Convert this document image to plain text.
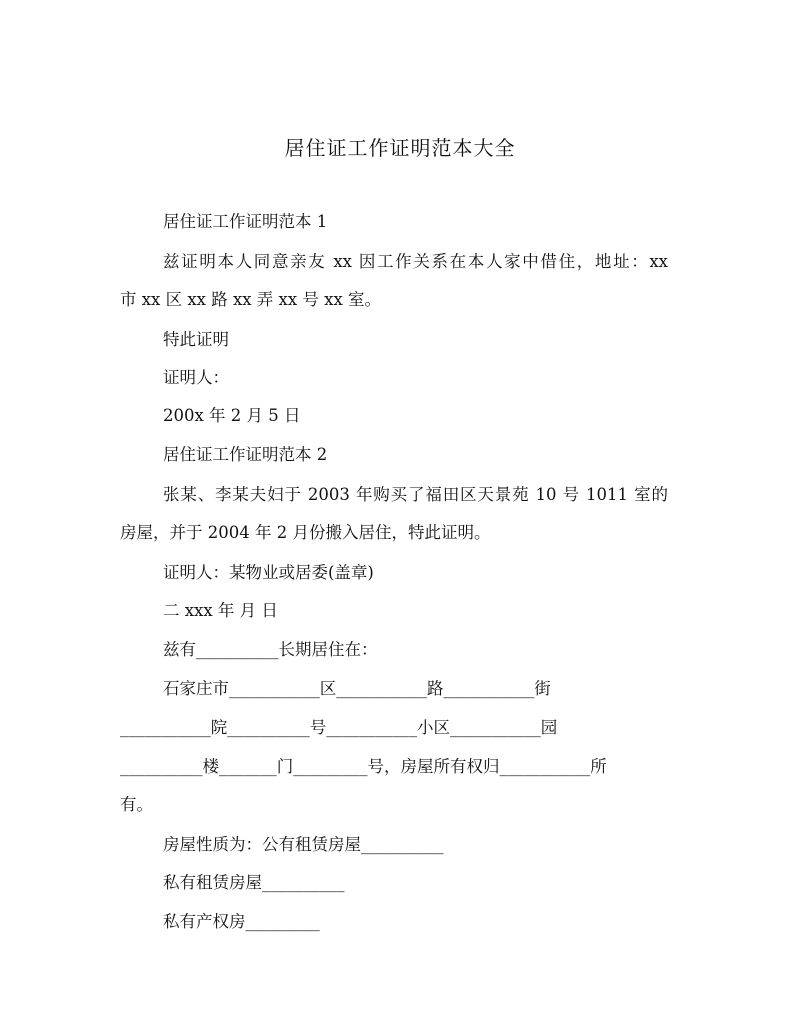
居住证工作证明范本大全
居住证工作证明范本 1
兹证明本人同意亲友 xx 因工作关系在本人家中借住，地址：xx
市 xx 区 xx 路 xx 弄 xx 号 xx 室。
特此证明
证明人：
200x 年 2 月 5 日
居住证工作证明范本 2
张某、李某夫妇于 2003 年购买了福田区天景苑 10 号 1011 室的
房屋，并于 2004 年 2 月份搬入居住，特此证明。
证明人：某物业或居委(盖章)
二 xxx 年 月 日
兹有__________长期居住在：
石家庄市___________区___________路___________街
___________院__________号___________小区___________园
__________楼_______门_________号，房屋所有权归___________所
有。
房屋性质为：公有租赁房屋__________
私有租赁房屋__________
私有产权房_________
